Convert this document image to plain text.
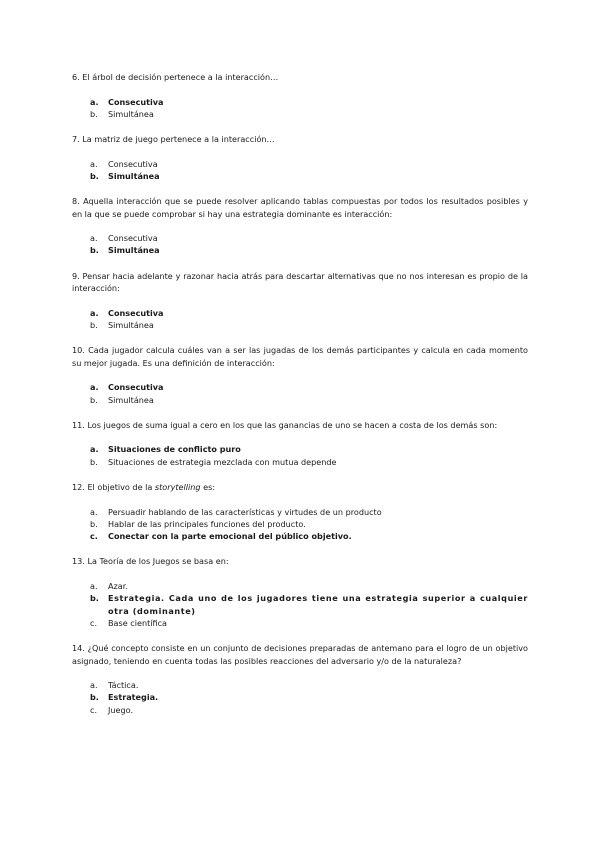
6. El árbol de decisión pertenece a la interacción…

a.	Consecutiva
b.	Simultánea

7. La matriz de juego pertenece a la interacción…

a.	Consecutiva
b.	Simultánea

8. Aquella interacción que se puede resolver aplicando tablas compuestas por todos los resultados posibles y en la que se puede comprobar si hay una estrategia dominante es interacción:

a.	Consecutiva
b.	Simultánea

9. Pensar hacia adelante y razonar hacia atrás para descartar alternativas que no nos interesan es propio de la interacción:

a.	Consecutiva
b.	Simultánea

10. Cada jugador calcula cuáles van a ser las jugadas de los demás participantes y calcula en cada momento su mejor jugada. Es una definición de interacción:

a.	Consecutiva
b.	Simultánea

11. Los juegos de suma igual a cero en los que las ganancias de uno se hacen a costa de los demás son:

a.	Situaciones de conflicto puro
b.	Situaciones de estrategia mezclada con mutua depende

12. El objetivo de la storytelling es:

a.	Persuadir hablando de las características y virtudes de un producto
b.	Hablar de las principales funciones del producto.
c.	Conectar con la parte emocional del público objetivo.

13. La Teoría de los Juegos se basa en:

a.	Azar.
b.	Estrategia. Cada uno de los jugadores tiene una estrategia superior a cualquier otra (dominante)
c.	Base científica

14. ¿Qué concepto consiste en un conjunto de decisiones preparadas de antemano para el logro de un objetivo asignado, teniendo en cuenta todas las posibles reacciones del adversario y/o de la naturaleza?

a.	Táctica.
b.	Estrategia.
c.	Juego.
